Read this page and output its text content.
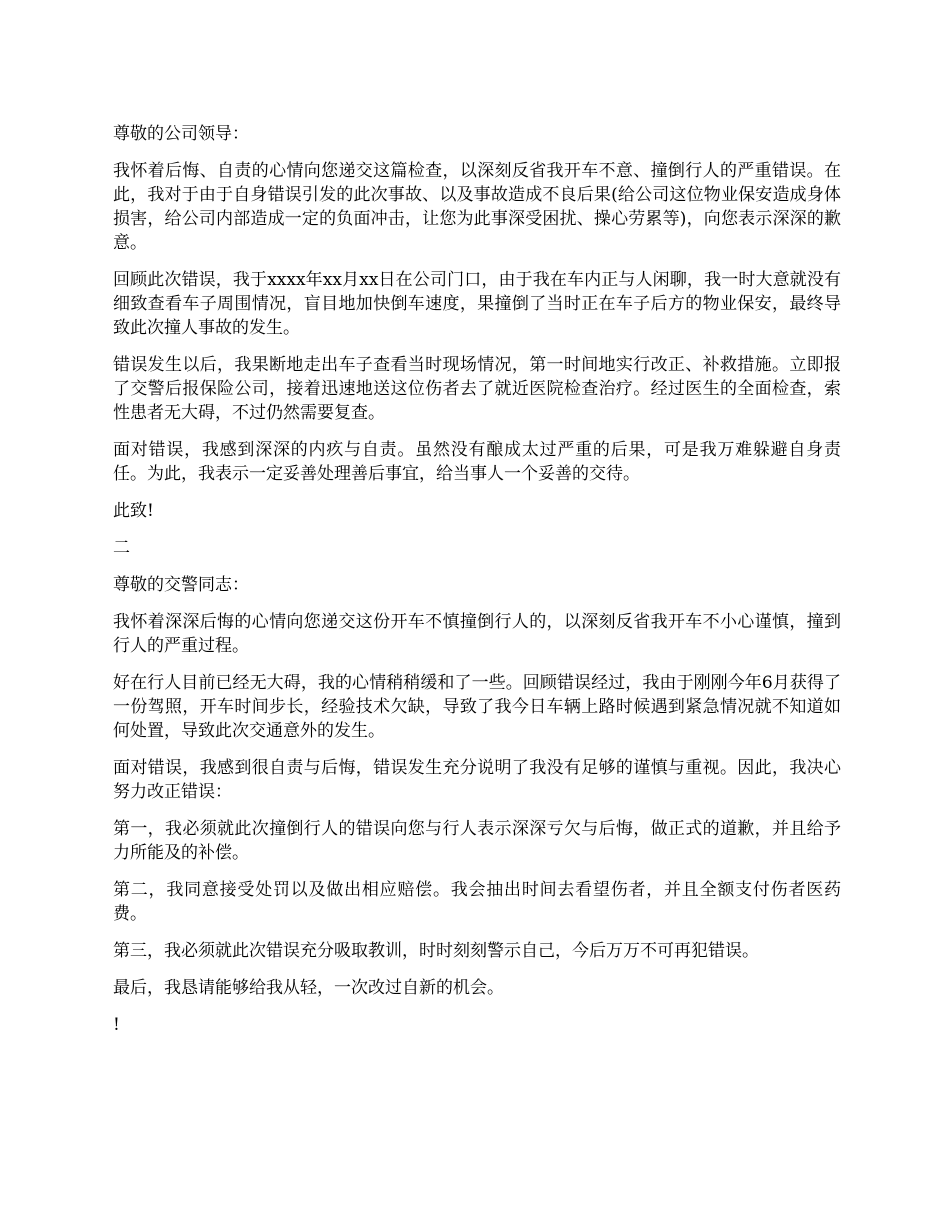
尊敬的公司领导：

我怀着后悔、自责的心情向您递交这篇检查，以深刻反省我开车不意、撞倒行人的严重错误。在此，我对于由于自身错误引发的此次事故、以及事故造成不良后果(给公司这位物业保安造成身体损害，给公司内部造成一定的负面冲击，让您为此事深受困扰、操心劳累等)，向您表示深深的歉意。

回顾此次错误，我于xxxx年xx月xx日在公司门口，由于我在车内正与人闲聊，我一时大意就没有细致查看车子周围情况，盲目地加快倒车速度，果撞倒了当时正在车子后方的物业保安，最终导致此次撞人事故的发生。

错误发生以后，我果断地走出车子查看当时现场情况，第一时间地实行改正、补救措施。立即报了交警后报保险公司，接着迅速地送这位伤者去了就近医院检查治疗。经过医生的全面检查，索性患者无大碍，不过仍然需要复查。

面对错误，我感到深深的内疚与自责。虽然没有酿成太过严重的后果，可是我万难躲避自身责任。为此，我表示一定妥善处理善后事宜，给当事人一个妥善的交待。

此致!

二

尊敬的交警同志：

我怀着深深后悔的心情向您递交这份开车不慎撞倒行人的，以深刻反省我开车不小心谨慎，撞到行人的严重过程。

好在行人目前已经无大碍，我的心情稍稍缓和了一些。回顾错误经过，我由于刚刚今年6月获得了一份驾照，开车时间步长，经验技术欠缺，导致了我今日车辆上路时候遇到紧急情况就不知道如何处置，导致此次交通意外的发生。

面对错误，我感到很自责与后悔，错误发生充分说明了我没有足够的谨慎与重视。因此，我决心努力改正错误：

第一，我必须就此次撞倒行人的错误向您与行人表示深深亏欠与后悔，做正式的道歉，并且给予力所能及的补偿。

第二，我同意接受处罚以及做出相应赔偿。我会抽出时间去看望伤者，并且全额支付伤者医药费。

第三，我必须就此次错误充分吸取教训，时时刻刻警示自己，今后万万不可再犯错误。

最后，我恳请能够给我从轻，一次改过自新的机会。

!
